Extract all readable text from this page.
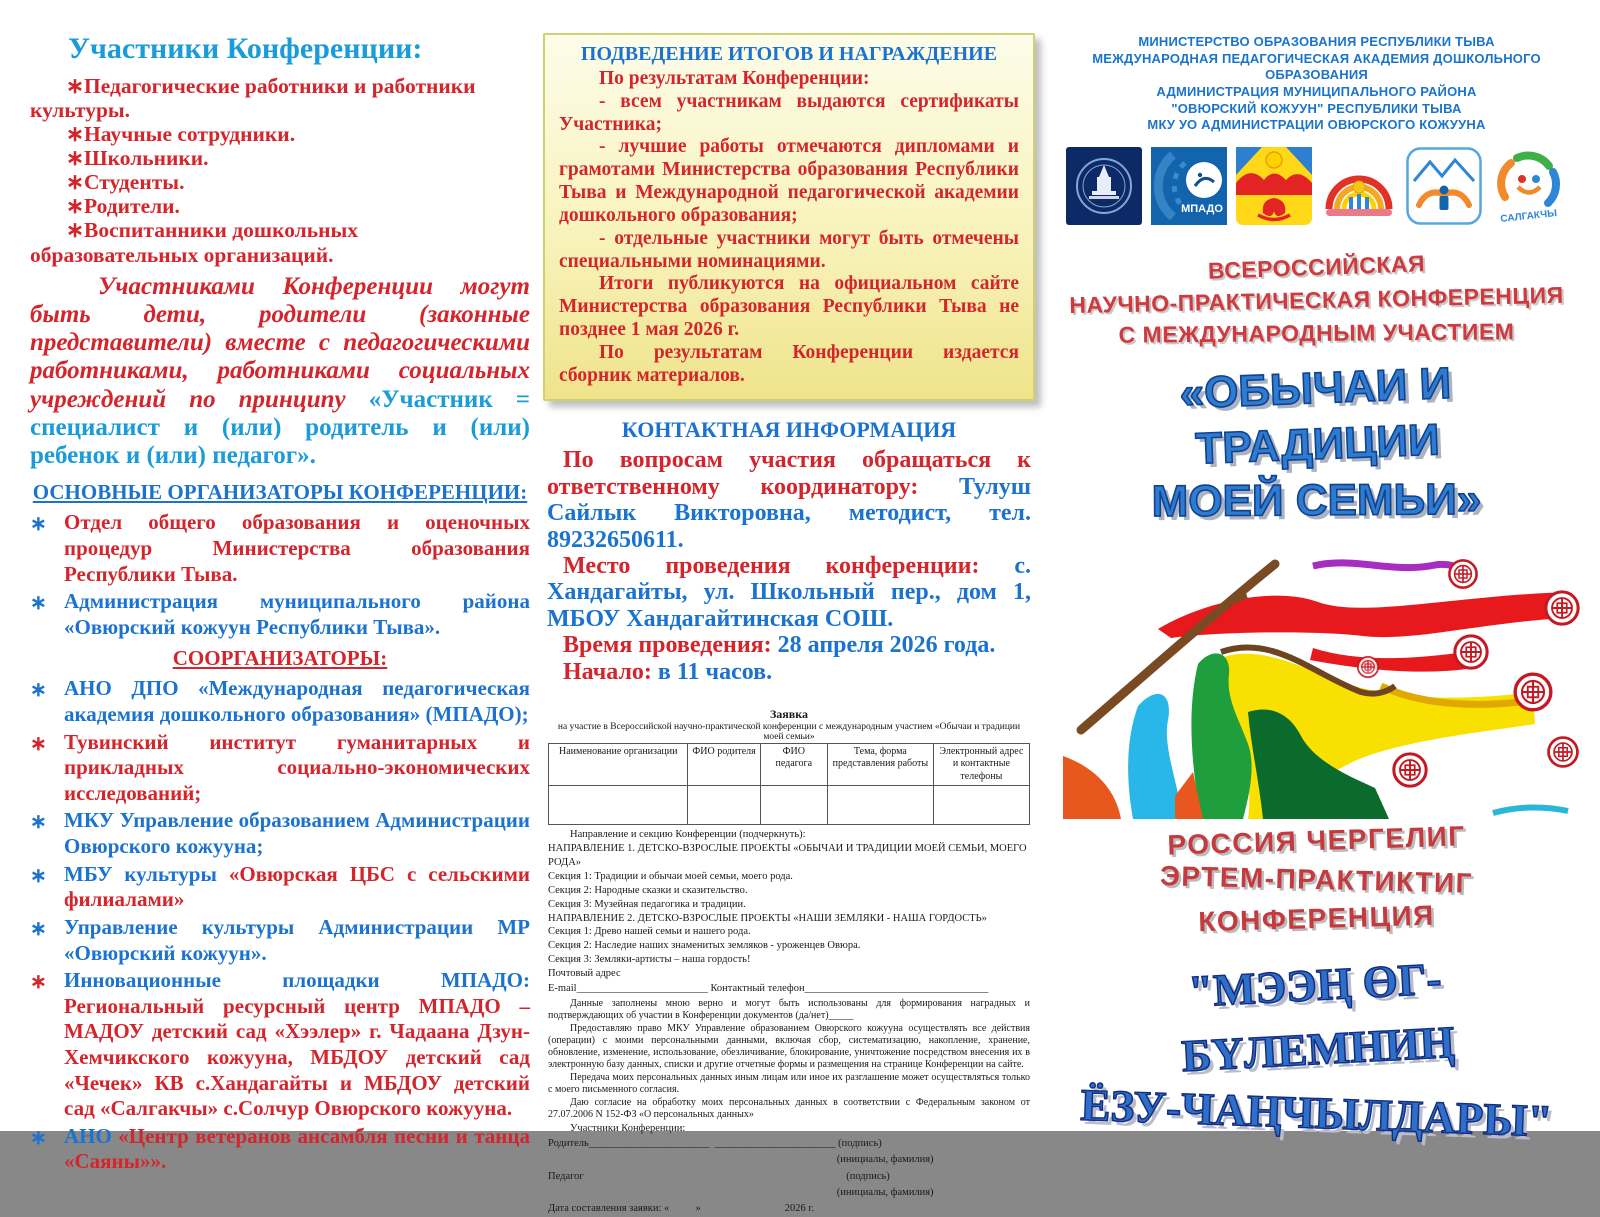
Участники Конференции:

∗Педагогические работники и работники культуры.

∗Научные сотрудники.

∗Школьники.

∗Студенты.

∗Родители.

∗Воспитанники дошкольных образовательных организаций.

Участниками Конференции могут быть дети, родители (законные представители) вместе с педагогическими работниками, работниками социальных учреждений по принципу «Участник = специалист и (или) родитель и (или) ребенок и (или) педагог».

ОСНОВНЫЕ ОРГАНИЗАТОРЫ КОНФЕРЕНЦИИ:
∗ Отдел общего образования и оценочных процедур Министерства образования Республики Тыва.
∗ Администрация муниципального района «Овюрский кожуун Республики Тыва».
СООРГАНИЗАТОРЫ:
∗ АНО ДПО «Международная педагогическая академия дошкольного образования» (МПАДО);
∗ Тувинский институт гуманитарных и прикладных социально-экономических исследований;
∗ МКУ Управление образованием Администрации Овюрского кожууна;
∗ МБУ культуры «Овюрская ЦБС с сельскими филиалами»
∗ Управление культуры Администрации МР «Овюрский кожуун».
∗ Инновационные площадки МПАДО: Региональный ресурсный центр МПАДО – МАДОУ детский сад «Хээлер» г. Чадаана Дзун-Хемчикского кожууна, МБДОУ детский сад «Чечек» КВ с.Хандагайты и МБДОУ детский сад «Салгакчы» с.Солчур Овюрского кожууна.
∗ АНО «Центр ветеранов ансамбля песни и танца «Саяны»».
ПОДВЕДЕНИЕ ИТОГОВ И НАГРАЖДЕНИЕ

По результатам Конференции:

- всем участникам выдаются сертификаты Участника;

- лучшие работы отмечаются дипломами и грамотами Министерства образования Республики Тыва и Международной педагогической академии дошкольного образования;

- отдельные участники могут быть отмечены специальными номинациями.

Итоги публикуются на официальном сайте Министерства образования Республики Тыва не позднее 1 мая 2026 г.

По результатам Конференции издается сборник материалов.

КОНТАКТНАЯ ИНФОРМАЦИЯ

По вопросам участия обращаться к ответственному координатору: Тулуш Сайлык Викторовна, методист, тел. 89232650611.

Место проведения конференции: с. Хандагайты, ул. Школьный пер., дом 1, МБОУ Хандагайтинская СОШ.

Время проведения: 28 апреля 2026 года.

Начало: в 11 часов.

Заявка
на участие в Всероссийской научно-практической конференции с международным участием «Обычаи и традиции моей семьи»
Наименование организации	ФИО родителя	ФИО педагога	Тема, форма представления работы	Электронный адрес и контактные телефоны

Направление и секцию Конференции (подчеркнуть):

НАПРАВЛЕНИЕ 1. ДЕТСКО-ВЗРОСЛЫЕ ПРОЕКТЫ «ОБЫЧАИ И ТРАДИЦИИ МОЕЙ СЕМЬИ, МОЕГО РОДА»

Секция 1: Традиции и обычаи моей семьи, моего рода.

Секция 2: Народные сказки и сказительство.

Секция 3: Музейная педагогика и традиции.

НАПРАВЛЕНИЕ 2. ДЕТСКО-ВЗРОСЛЫЕ ПРОЕКТЫ «НАШИ ЗЕМЛЯКИ - НАША ГОРДОСТЬ»

Секция 1: Древо нашей семьи и нашего рода.

Секция 2: Наследие наших знаменитых земляков - уроженцев Овюра.

Секция 3: Земляки-артисты – наша гордость!

Почтовый адрес

E-mail_________________________ Контактный телефон___________________________________

Данные заполнены мною верно и могут быть использованы для формирования наградных и подтверждающих об участии в Конференции документов (да/нет)_____

Предоставляю право МКУ Управление образованием Овюрского кожууна осуществлять все действия (операции) с моими персональными данными, включая сбор, систематизацию, накопление, хранение, обновление, изменение, использование, обезличивание, блокирование, уничтожение посредством внесения их в электронную базу данных, списки и другие отчетные формы и размещения на странице Конференции на сайте.

Передача моих персональных данных иным лицам или иное их разглашение может осуществляться только с моего письменного согласия.

Даю согласие на обработку моих персональных данных в соответствии с Федеральным законом от 27.07.2006 N 152-ФЗ «О персональных данных»

Участники Конференции:

Родитель_______________________  _______________________ (подпись)

(инициалы, фамилия)

Педагог                                                                                                    (подпись)

(инициалы, фамилия)

Дата составления заявки: «          »                                2026 г.

МИНИСТЕРСТВО ОБРАЗОВАНИЯ РЕСПУБЛИКИ ТЫВА
МЕЖДУНАРОДНАЯ ПЕДАГОГИЧЕСКАЯ АКАДЕМИЯ ДОШКОЛЬНОГО ОБРАЗОВАНИЯ
АДМИНИСТРАЦИЯ МУНИЦИПАЛЬНОГО РАЙОНА
"ОВЮРСКИЙ КОЖУУН" РЕСПУБЛИКИ ТЫВА
МКУ УО АДМИНИСТРАЦИИ ОВЮРСКОГО КОЖУУНА
МПАДО	САЛГАКЧЫ
ВСЕРОССИЙСКАЯ
НАУЧНО-ПРАКТИЧЕСКАЯ КОНФЕРЕНЦИЯ
С МЕЖДУНАРОДНЫМ УЧАСТИЕМ
«ОБЫЧАИ И ТРАДИЦИИ
МОЕЙ СЕМЬИ»
РОССИЯ ЧЕРГЕЛИГ
ЭРТЕМ-ПРАКТИКТИГ
КОНФЕРЕНЦИЯ
"МЭЭҢ ӨГ-БҮЛЕМНИҢ
ЁЗУ-ЧАҢЧЫЛДАРЫ"
